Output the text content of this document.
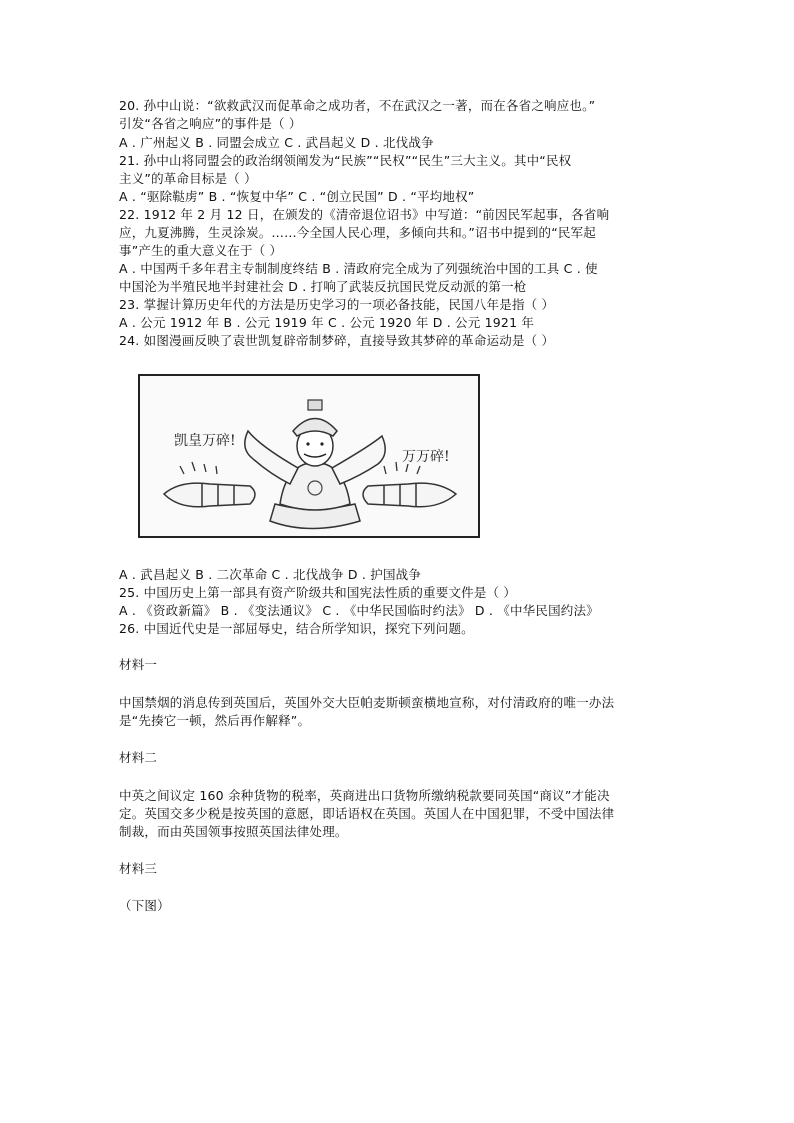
20. 孙中山说：“欲救武汉而促革命之成功者，不在武汉之一著，而在各省之响应也。”
引发“各省之响应”的事件是（ ）
A . 广州起义 B . 同盟会成立 C . 武昌起义 D . 北伐战争
21. 孙中山将同盟会的政治纲领阐发为“民族”“民权”“民生”三大主义。其中“民权
主义”的革命目标是（ ）
A . “驱除鞑虏” B . “恢复中华” C . “创立民国” D . “平均地权”
22. 1912 年 2 月 12 日，在颁发的《清帝退位诏书》中写道：“前因民军起事，各省响
应，九夏沸腾，生灵涂炭。……今全国人民心理，多倾向共和。”诏书中提到的“民军起
事”产生的重大意义在于（ ）
A . 中国两千多年君主专制制度终结 B . 清政府完全成为了列强统治中国的工具 C . 使
中国沦为半殖民地半封建社会 D . 打响了武装反抗国民党反动派的第一枪
23. 掌握计算历史年代的方法是历史学习的一项必备技能，民国八年是指（ ）
A . 公元 1912 年 B . 公元 1919 年 C . 公元 1920 年 D . 公元 1921 年
24. 如图漫画反映了袁世凯复辟帝制梦碎，直接导致其梦碎的革命运动是（ ）
凯皇万碎!
万万碎!
A . 武昌起义 B . 二次革命 C . 北伐战争 D . 护国战争
25. 中国历史上第一部具有资产阶级共和国宪法性质的重要文件是（ ）
A . 《资政新篇》 B . 《变法通议》 C . 《中华民国临时约法》 D . 《中华民国约法》
26. 中国近代史是一部屈辱史，结合所学知识，探究下列问题。
材料一
中国禁烟的消息传到英国后，英国外交大臣帕麦斯顿蛮横地宣称，对付清政府的唯一办法
是“先揍它一顿，然后再作解释”。
材料二
中英之间议定 160 余种货物的税率，英商进出口货物所缴纳税款要同英国“商议”才能决
定。英国交多少税是按英国的意愿，即话语权在英国。英国人在中国犯罪，不受中国法律
制裁，而由英国领事按照英国法律处理。
材料三
（下图）
